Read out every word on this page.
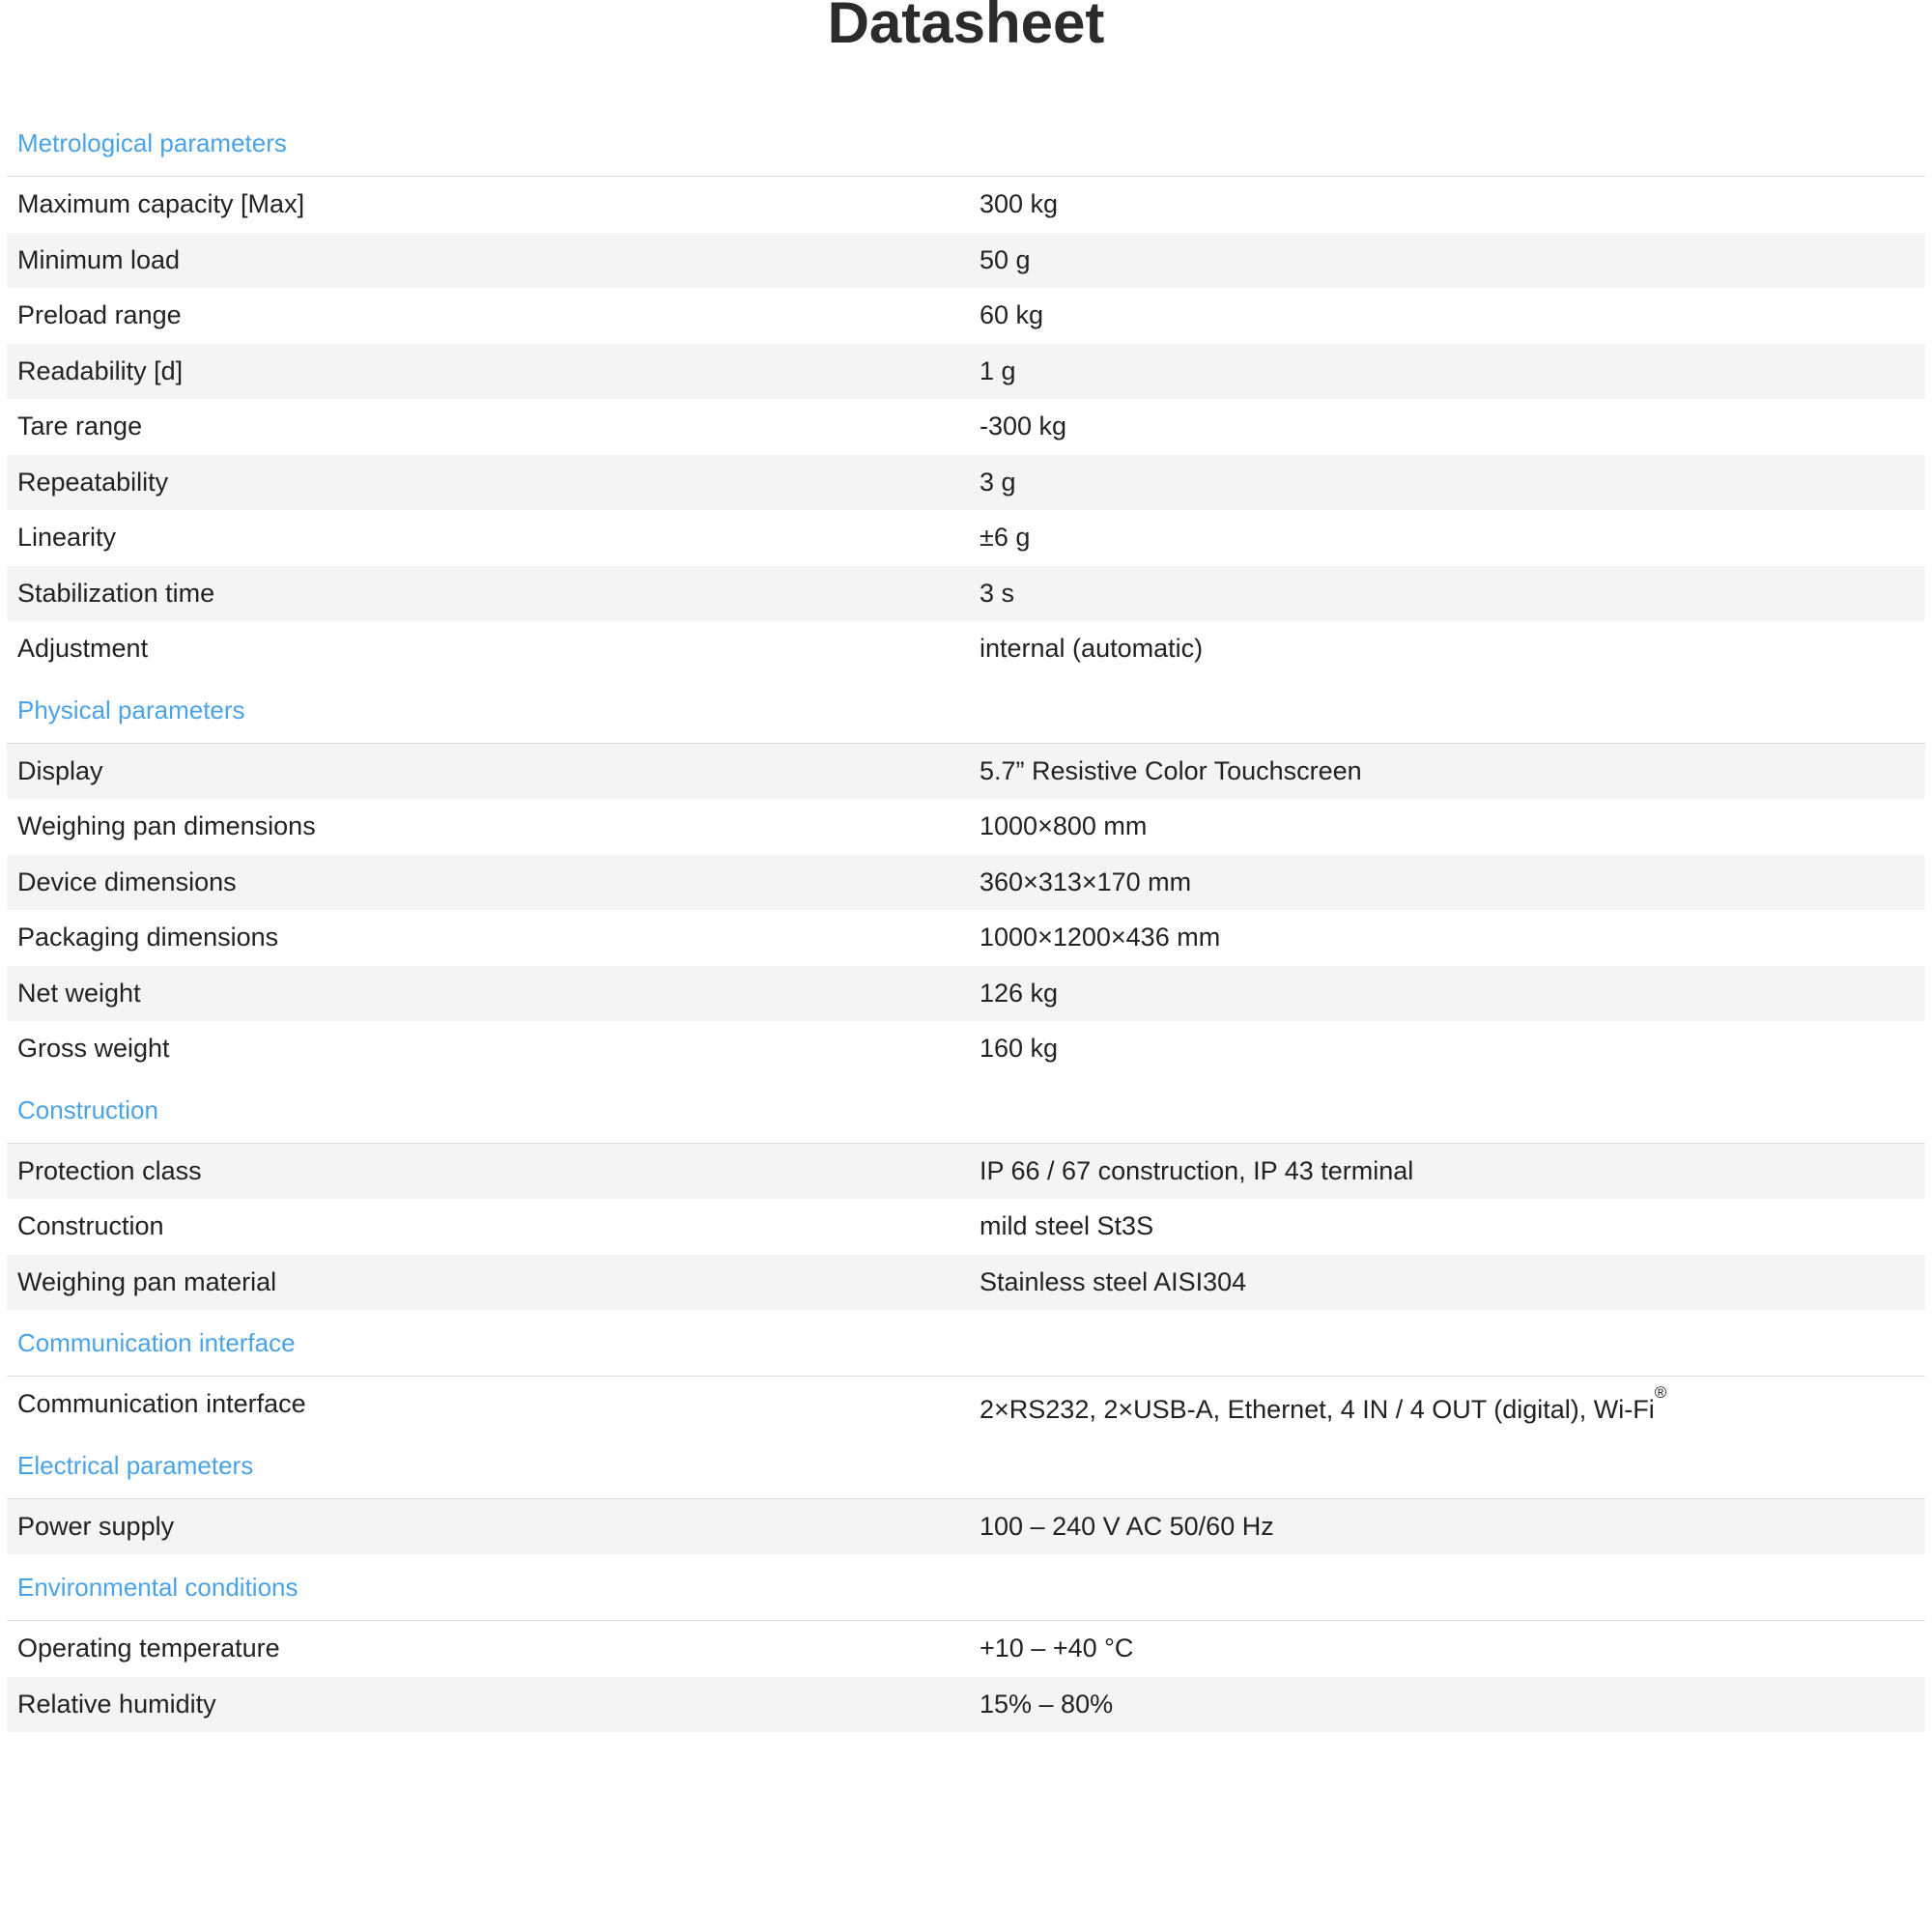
Datasheet
Metrological parameters
Maximum capacity [Max]	300 kg
Minimum load	50 g
Preload range	60 kg
Readability [d]	1 g
Tare range	-300 kg
Repeatability	3 g
Linearity	±6 g
Stabilization time	3 s
Adjustment	internal (automatic)
Physical parameters
Display	5.7” Resistive Color Touchscreen
Weighing pan dimensions	1000×800 mm
Device dimensions	360×313×170 mm
Packaging dimensions	1000×1200×436 mm
Net weight	126 kg
Gross weight	160 kg
Construction
Protection class	IP 66 / 67 construction, IP 43 terminal
Construction	mild steel St3S
Weighing pan material	Stainless steel AISI304
Communication interface
Communication interface	2×RS232, 2×USB-A, Ethernet, 4 IN / 4 OUT (digital), Wi-Fi®
Electrical parameters
Power supply	100 – 240 V AC 50/60 Hz
Environmental conditions
Operating temperature	+10 – +40 °C
Relative humidity	15% – 80%
